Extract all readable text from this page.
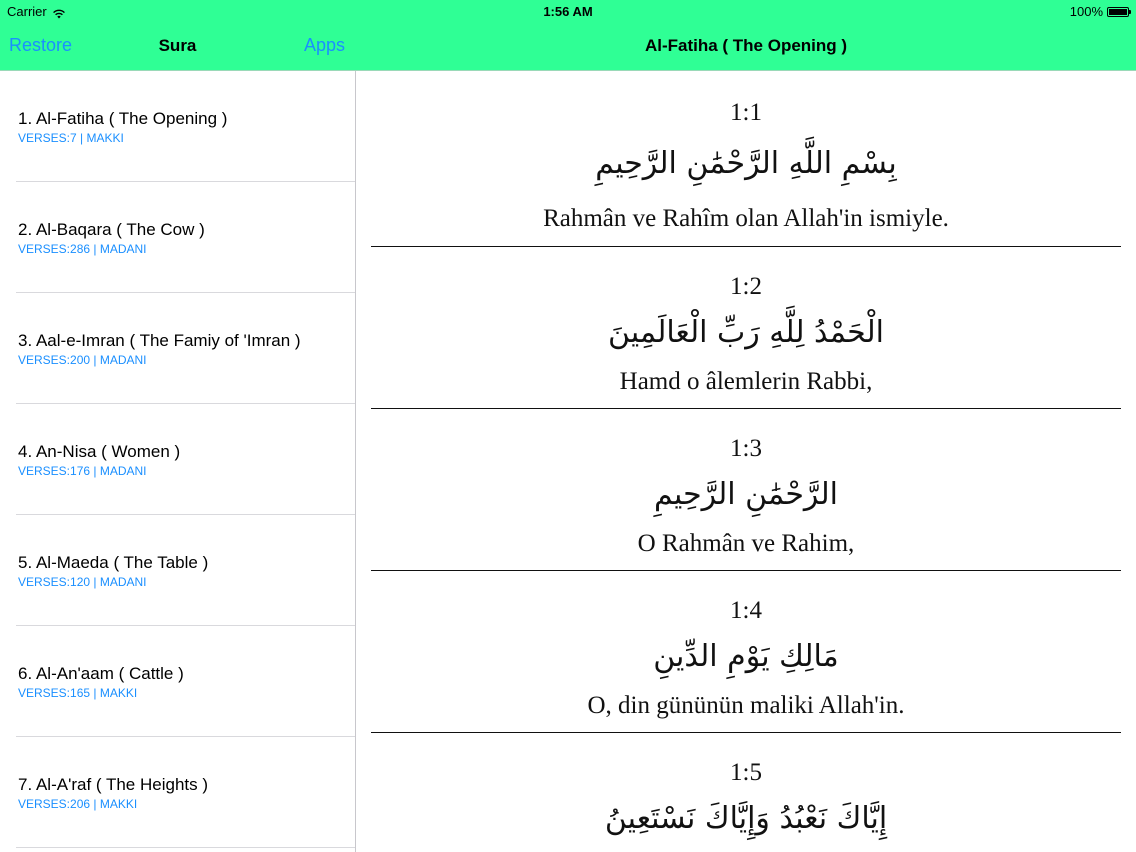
Carrier	1:56 AM	100%
Restore	Sura	Apps	Al-Fatiha ( The Opening )
1. Al-Fatiha ( The Opening )
VERSES:7 | MAKKI
2. Al-Baqara ( The Cow )
VERSES:286 | MADANI
3. Aal-e-Imran ( The Famiy of 'Imran )
VERSES:200 | MADANI
4. An-Nisa ( Women )
VERSES:176 | MADANI
5. Al-Maeda ( The Table )
VERSES:120 | MADANI
6. Al-An'aam ( Cattle )
VERSES:165 | MAKKI
7. Al-A'raf ( The Heights )
VERSES:206 | MAKKI
1:1
بِسْمِ اللَّهِ الرَّحْمَٰنِ الرَّحِيمِ
Rahmân ve Rahîm olan Allah'in ismiyle.
1:2
الْحَمْدُ لِلَّهِ رَبِّ الْعَالَمِينَ
Hamd o âlemlerin Rabbi,
1:3
الرَّحْمَٰنِ الرَّحِيمِ
O Rahmân ve Rahim,
1:4
مَالِكِ يَوْمِ الدِّينِ
O, din gününün maliki Allah'in.
1:5
إِيَّاكَ نَعْبُدُ وَإِيَّاكَ نَسْتَعِينُ
